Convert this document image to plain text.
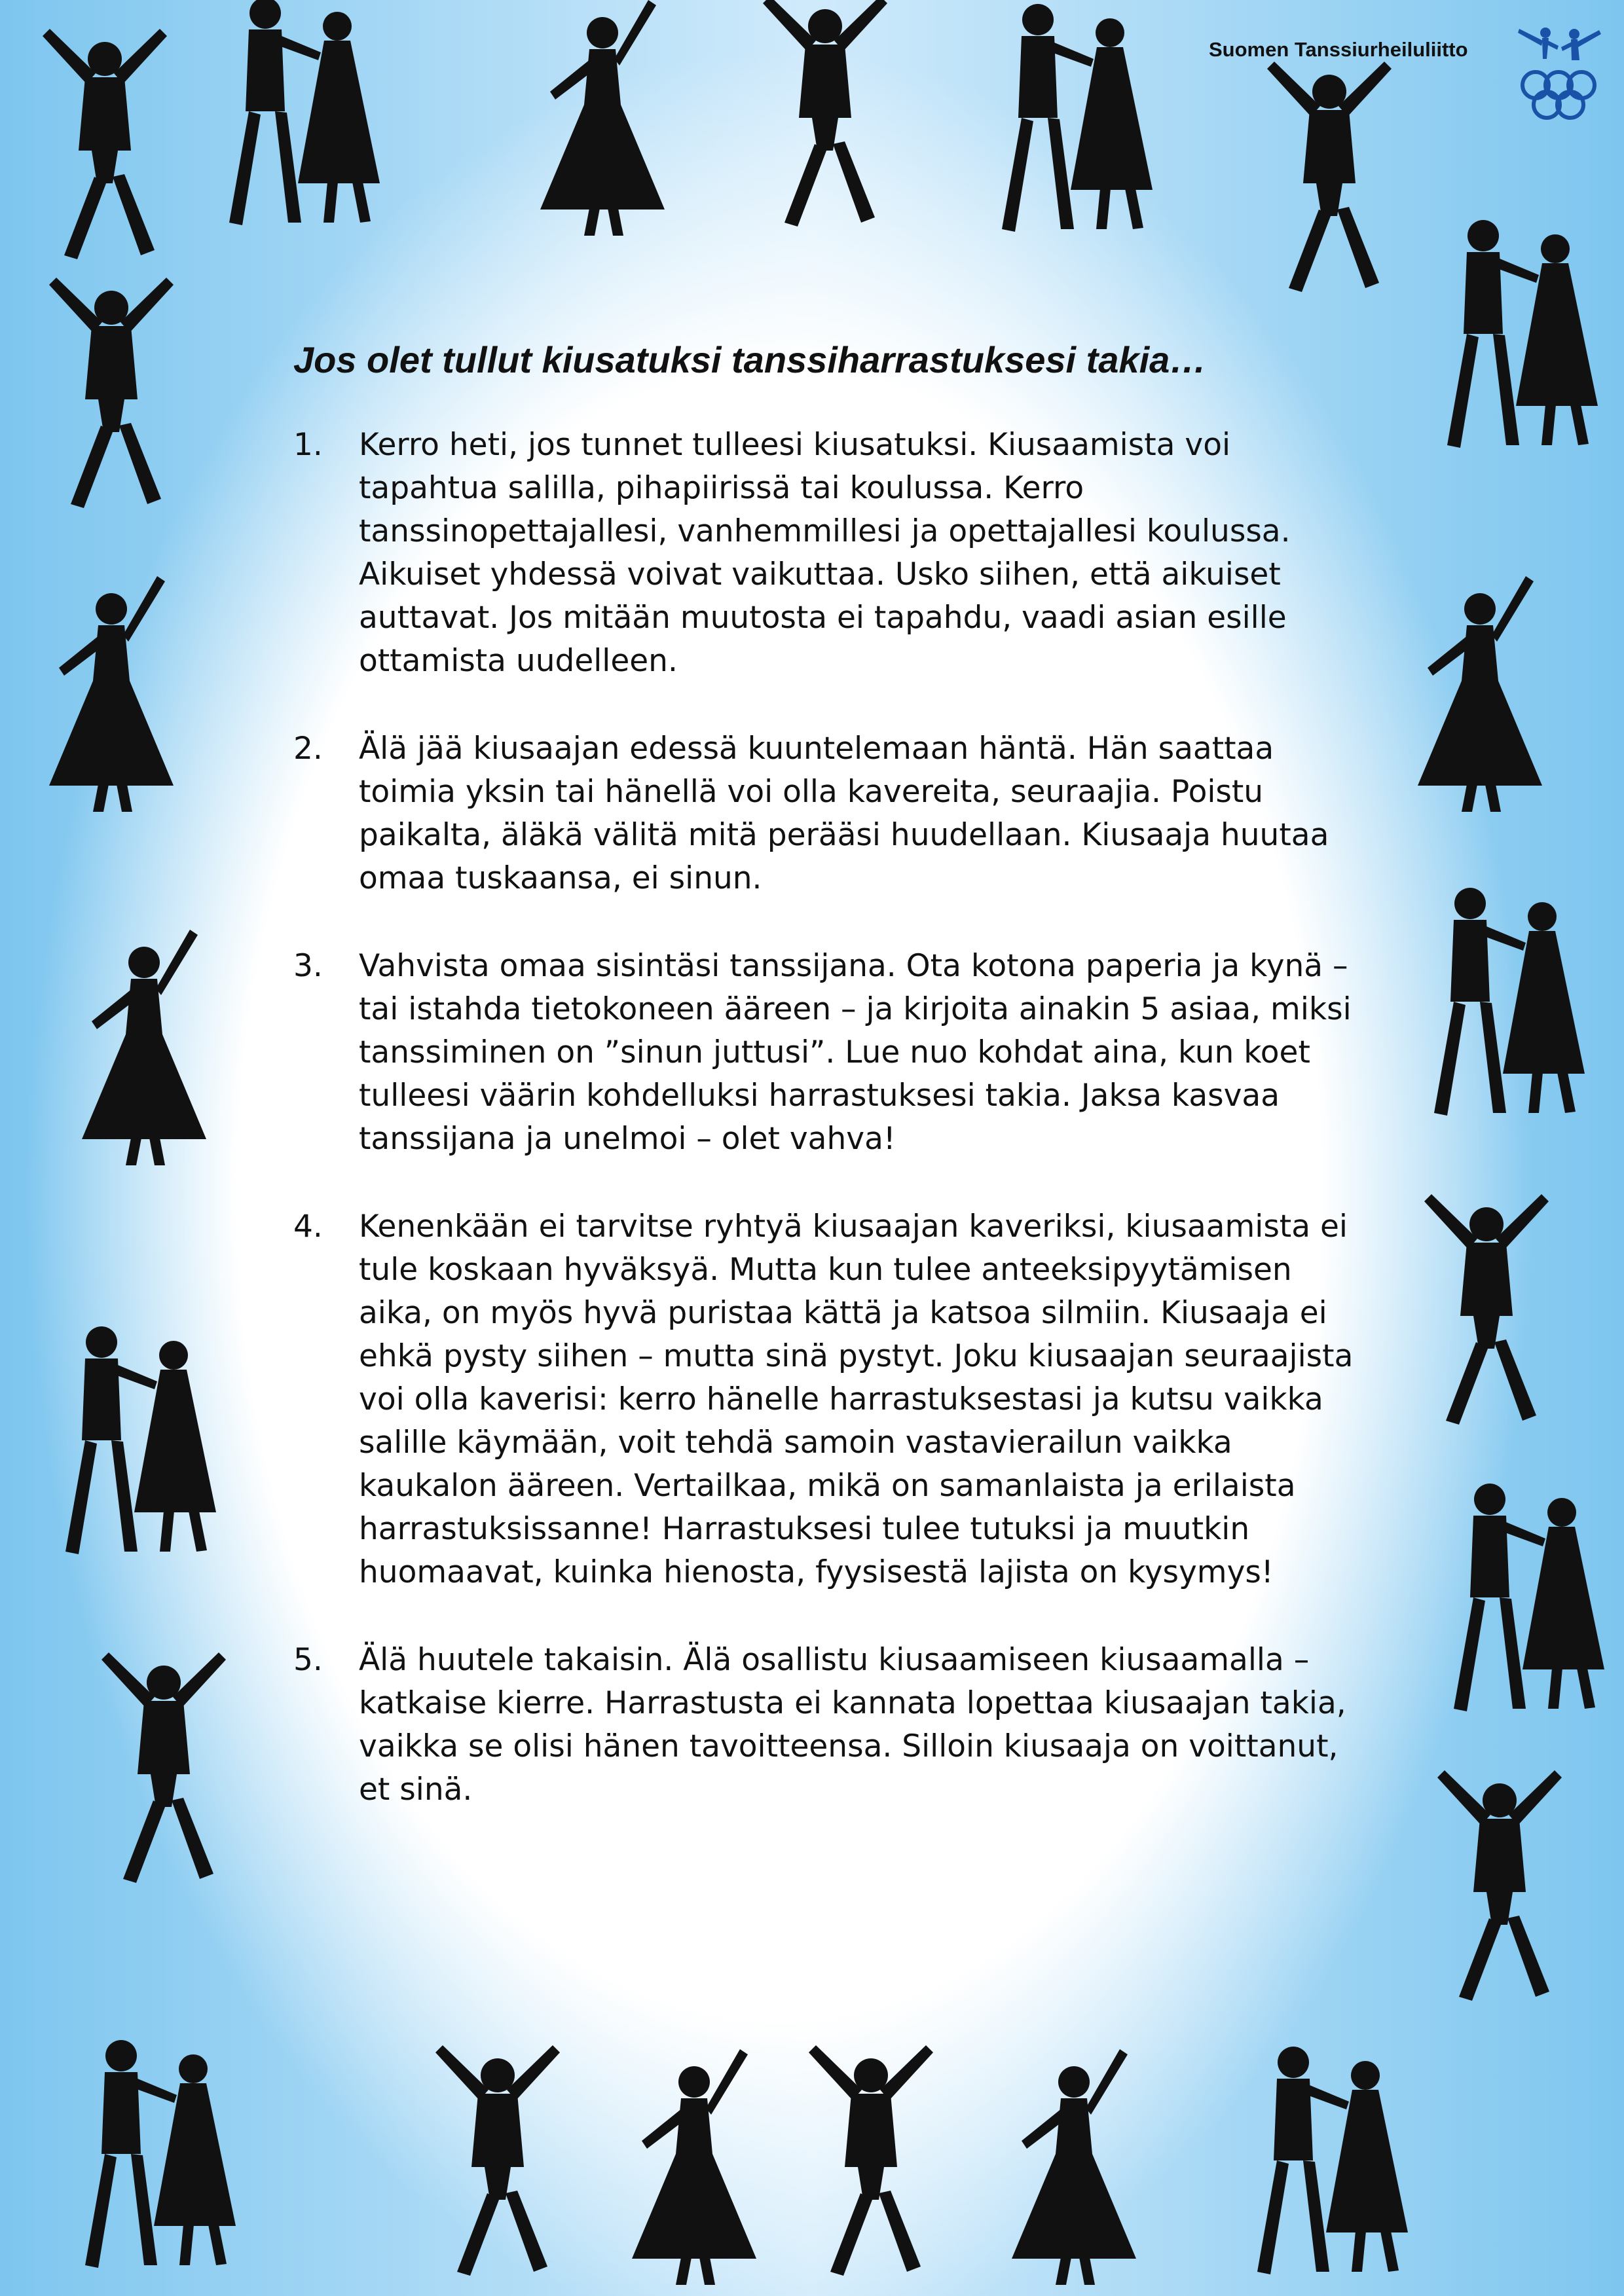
Suomen Tanssiurheiluliitto
Jos olet tullut kiusatuksi tanssiharrastuksesi takia…
1. Kerro heti, jos tunnet tulleesi kiusatuksi. Kiusaamista voi tapahtua salilla, pihapiirissä tai koulussa. Kerro tanssinopettajallesi, vanhemmillesi ja opettajallesi koulussa. Aikuiset yhdessä voivat vaikuttaa. Usko siihen, että aikuiset auttavat. Jos mitään muutosta ei tapahdu, vaadi asian esille ottamista uudelleen.
2. Älä jää kiusaajan edessä kuuntelemaan häntä. Hän saattaa toimia yksin tai hänellä voi olla kavereita, seuraajia. Poistu paikalta, äläkä välitä mitä perääsi huudellaan. Kiusaaja huutaa omaa tuskaansa, ei sinun.
3. Vahvista omaa sisintäsi tanssijana. Ota kotona paperia ja kynä – tai istahda tietokoneen ääreen – ja kirjoita ainakin 5 asiaa, miksi tanssiminen on ”sinun juttusi”. Lue nuo kohdat aina, kun koet tulleesi väärin kohdelluksi harrastuksesi takia. Jaksa kasvaa tanssijana ja unelmoi – olet vahva!
4. Kenenkään ei tarvitse ryhtyä kiusaajan kaveriksi, kiusaamista ei tule koskaan hyväksyä. Mutta kun tulee anteeksipyytämisen aika, on myös hyvä puristaa kättä ja katsoa silmiin. Kiusaaja ei ehkä pysty siihen – mutta sinä pystyt. Joku kiusaajan seuraajista voi olla kaverisi: kerro hänelle harrastuksestasi ja kutsu vaikka salille käymään, voit tehdä samoin vastavierailun vaikka kaukalon ääreen. Vertailkaa, mikä on samanlaista ja erilaista harrastuksissanne! Harrastuksesi tulee tutuksi ja muutkin huomaavat, kuinka hienosta, fyysisestä lajista on kysymys!
5. Älä huutele takaisin. Älä osallistu kiusaamiseen kiusaamalla – katkaise kierre. Harrastusta ei kannata lopettaa kiusaajan takia, vaikka se olisi hänen tavoitteensa. Silloin kiusaaja on voittanut, et sinä.
